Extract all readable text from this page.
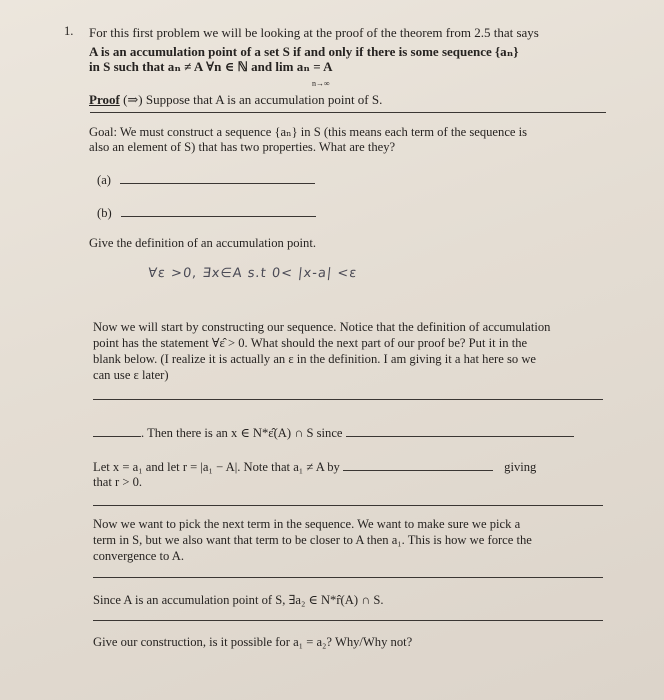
1. For this first problem we will be looking at the proof of the theorem from 2.5 that says
A is an accumulation point of a set S if and only if there is some sequence {aₙ}
in S such that aₙ ≠ A ∀n ∈ ℕ and lim aₙ = A
n→∞
Proof (⇒) Suppose that A is an accumulation point of S.
Goal: We must construct a sequence {aₙ} in S (this means each term of the sequence is
also an element of S) that has two properties. What are they?
(a)
(b)
Give the definition of an accumulation point.
∀ε >0, ∃x∈A s.t 0< |x-a| <ε
Now we will start by constructing our sequence. Notice that the definition of accumulation
point has the statement ∀ε̂ > 0. What should the next part of our proof be? Put it in the
blank below. (I realize it is actually an ε in the definition. I am giving it a hat here so we
can use ε later)
. Then there is an x ∈ N*ε̂(A) ∩ S since
Let x = a₁ and let r = |a₁ − A|. Note that a₁ ≠ A by	giving
that r > 0.
Now we want to pick the next term in the sequence. We want to make sure we pick a
term in S, but we also want that term to be closer to A then a₁. This is how we force the
convergence to A.
Since A is an accumulation point of S, ∃a₂ ∈ N*r̂(A) ∩ S.
Give our construction, is it possible for a₁ = a₂? Why/Why not?
